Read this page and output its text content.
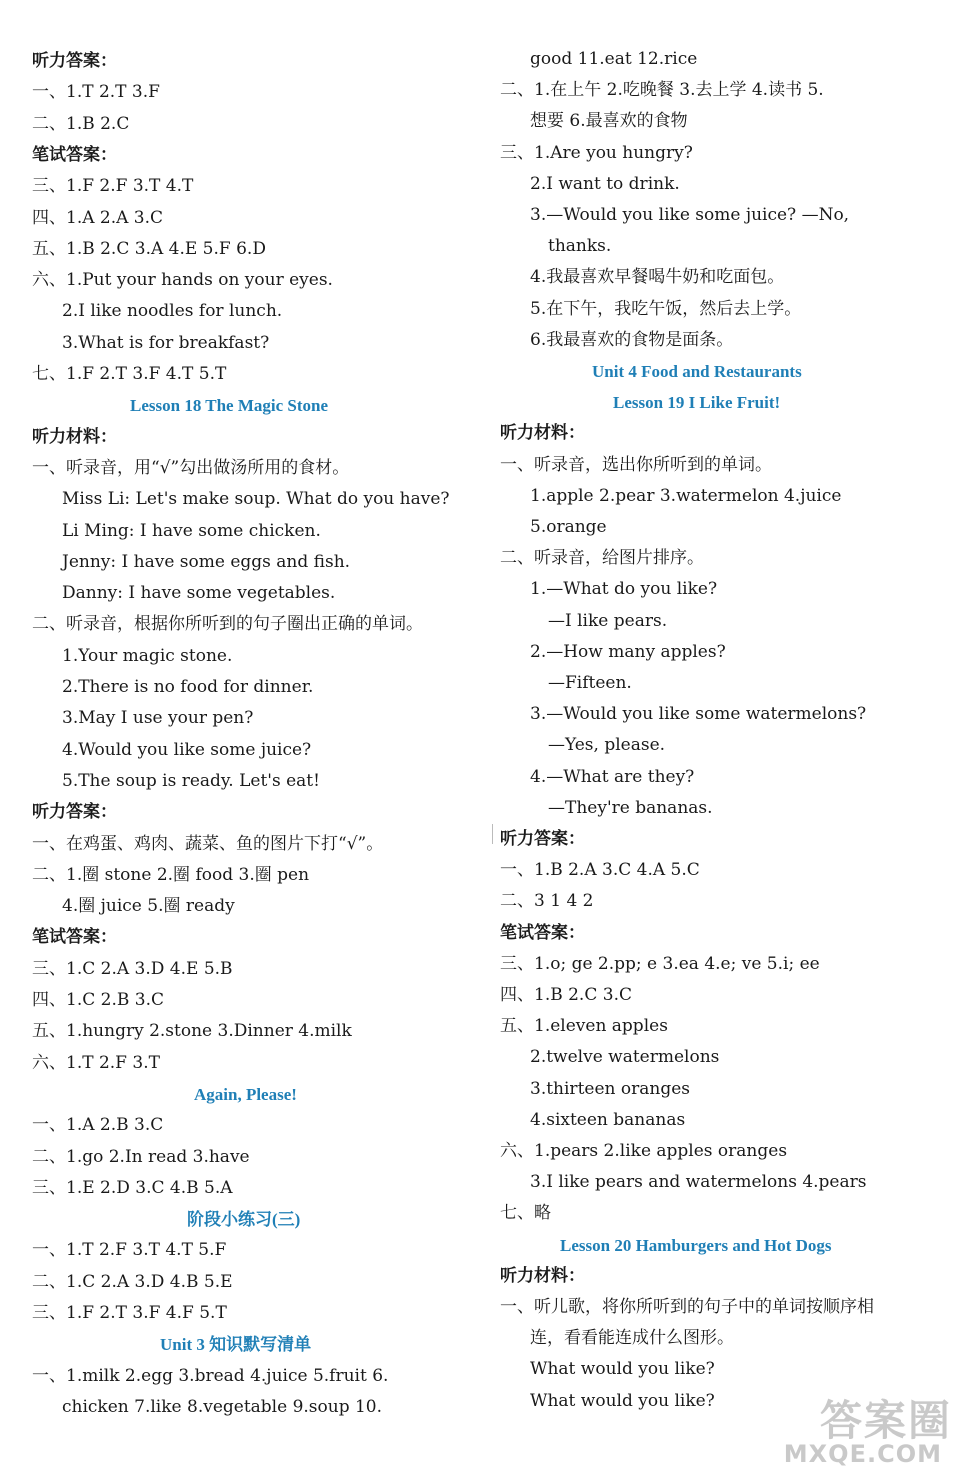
听力答案：
一、1.T 2.T 3.F
二、1.B 2.C
笔试答案：
三、1.F 2.F 3.T 4.T
四、1.A 2.A 3.C
五、1.B 2.C 3.A 4.E 5.F 6.D
六、1.Put your hands on your eyes.
2.I like noodles for lunch.
3.What is for breakfast?
七、1.F 2.T 3.F 4.T 5.T
Lesson 18 The Magic Stone
听力材料：
一、听录音，用“√”勾出做汤所用的食材。
Miss Li: Let's make soup. What do you have?
Li Ming: I have some chicken.
Jenny: I have some eggs and fish.
Danny: I have some vegetables.
二、听录音，根据你所听到的句子圈出正确的单词。
1.Your magic stone.
2.There is no food for dinner.
3.May I use your pen?
4.Would you like some juice?
5.The soup is ready. Let's eat!
听力答案：
一、在鸡蛋、鸡肉、蔬菜、鱼的图片下打“√”。
二、1.圈 stone 2.圈 food 3.圈 pen
4.圈 juice 5.圈 ready
笔试答案：
三、1.C 2.A 3.D 4.E 5.B
四、1.C 2.B 3.C
五、1.hungry 2.stone 3.Dinner 4.milk
六、1.T 2.F 3.T
Again, Please!
一、1.A 2.B 3.C
二、1.go 2.In read 3.have
三、1.E 2.D 3.C 4.B 5.A
阶段小练习(三)
一、1.T 2.F 3.T 4.T 5.F
二、1.C 2.A 3.D 4.B 5.E
三、1.F 2.T 3.F 4.F 5.T
Unit 3 知识默写清单
一、1.milk 2.egg 3.bread 4.juice 5.fruit 6.
chicken 7.like 8.vegetable 9.soup 10.
good 11.eat 12.rice
二、1.在上午 2.吃晚餐 3.去上学 4.读书 5.
想要 6.最喜欢的食物
三、1.Are you hungry?
2.I want to drink.
3.—Would you like some juice? —No,
thanks.
4.我最喜欢早餐喝牛奶和吃面包。
5.在下午，我吃午饭，然后去上学。
6.我最喜欢的食物是面条。
Unit 4 Food and Restaurants
Lesson 19 I Like Fruit!
听力材料：
一、听录音，选出你所听到的单词。
1.apple 2.pear 3.watermelon 4.juice
5.orange
二、听录音，给图片排序。
1.—What do you like?
—I like pears.
2.—How many apples?
—Fifteen.
3.—Would you like some watermelons?
—Yes, please.
4.—What are they?
—They're bananas.
听力答案：
一、1.B 2.A 3.C 4.A 5.C
二、3 1 4 2
笔试答案：
三、1.o; ge 2.pp; e 3.ea 4.e; ve 5.i; ee
四、1.B 2.C 3.C
五、1.eleven apples
2.twelve watermelons
3.thirteen oranges
4.sixteen bananas
六、1.pears 2.like apples oranges
3.I like pears and watermelons 4.pears
七、略
Lesson 20 Hamburgers and Hot Dogs
听力材料：
一、听儿歌，将你所听到的句子中的单词按顺序相
连，看看能连成什么图形。
What would you like?
What would you like?	答案圈
MXQE.COM
